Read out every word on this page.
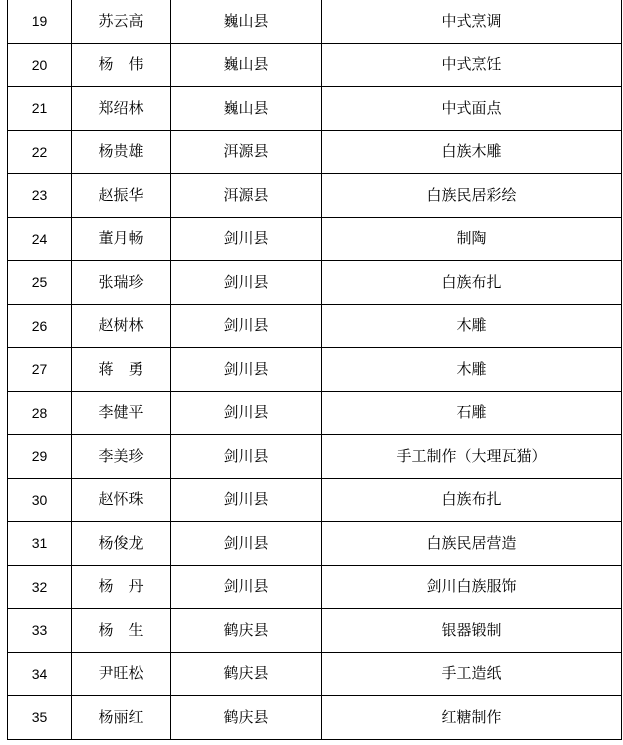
19	苏云高	巍山县	中式烹调
20	杨　伟	巍山县	中式烹饪
21	郑绍林	巍山县	中式面点
22	杨贵雄	洱源县	白族木雕
23	赵振华	洱源县	白族民居彩绘
24	董月畅	剑川县	制陶
25	张瑞珍	剑川县	白族布扎
26	赵树林	剑川县	木雕
27	蒋　勇	剑川县	木雕
28	李健平	剑川县	石雕
29	李美珍	剑川县	手工制作（大理瓦猫）
30	赵怀珠	剑川县	白族布扎
31	杨俊龙	剑川县	白族民居营造
32	杨　丹	剑川县	剑川白族服饰
33	杨　生	鹤庆县	银器锻制
34	尹旺松	鹤庆县	手工造纸
35	杨丽红	鹤庆县	红糖制作
